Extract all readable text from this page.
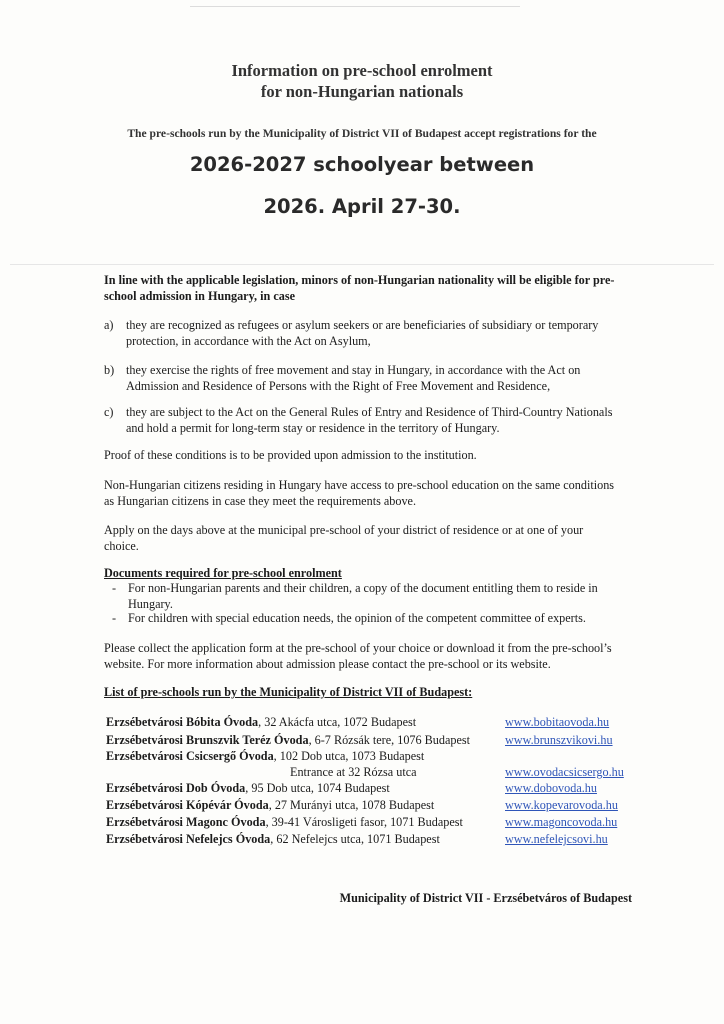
Information on pre-school enrolment
for non-Hungarian nationals
The pre-schools run by the Municipality of District VII of Budapest accept registrations for the
2026-2027 schoolyear between
2026. April 27-30.
In line with the applicable legislation, minors of non-Hungarian nationality will be eligible for pre-
school admission in Hungary, in case
a) they are recognized as refugees or asylum seekers or are beneficiaries of subsidiary or temporary
protection, in accordance with the Act on Asylum,
b) they exercise the rights of free movement and stay in Hungary, in accordance with the Act on
Admission and Residence of Persons with the Right of Free Movement and Residence,
c) they are subject to the Act on the General Rules of Entry and Residence of Third-Country Nationals
and hold a permit for long-term stay or residence in the territory of Hungary.
Proof of these conditions is to be provided upon admission to the institution.
Non-Hungarian citizens residing in Hungary have access to pre-school education on the same conditions
as Hungarian citizens in case they meet the requirements above.
Apply on the days above at the municipal pre-school of your district of residence or at one of your
choice.
Documents required for pre-school enrolment
- For non-Hungarian parents and their children, a copy of the document entitling them to reside in
Hungary.
- For children with special education needs, the opinion of the competent committee of experts.
Please collect the application form at the pre-school of your choice or download it from the pre-school’s
website. For more information about admission please contact the pre-school or its website.
List of pre-schools run by the Municipality of District VII of Budapest:
Erzsébetvárosi Bóbita Óvoda, 32 Akácfa utca, 1072 Budapest	www.bobitaovoda.hu
Erzsébetvárosi Brunszvik Teréz Óvoda, 6-7 Rózsák tere, 1076 Budapest	www.brunszvikovi.hu
Erzsébetvárosi Csicsergő Óvoda, 102 Dob utca, 1073 Budapest
Entrance at 32 Rózsa utca	www.ovodacsicsergo.hu
Erzsébetvárosi Dob Óvoda, 95 Dob utca, 1074 Budapest	www.dobovoda.hu
Erzsébetvárosi Kópévár Óvoda, 27 Murányi utca, 1078 Budapest	www.kopevarovoda.hu
Erzsébetvárosi Magonc Óvoda, 39-41 Városligeti fasor, 1071 Budapest	www.magoncovoda.hu
Erzsébetvárosi Nefelejcs Óvoda, 62 Nefelejcs utca, 1071 Budapest	www.nefelejcsovi.hu
Municipality of District VII - Erzsébetváros of Budapest
